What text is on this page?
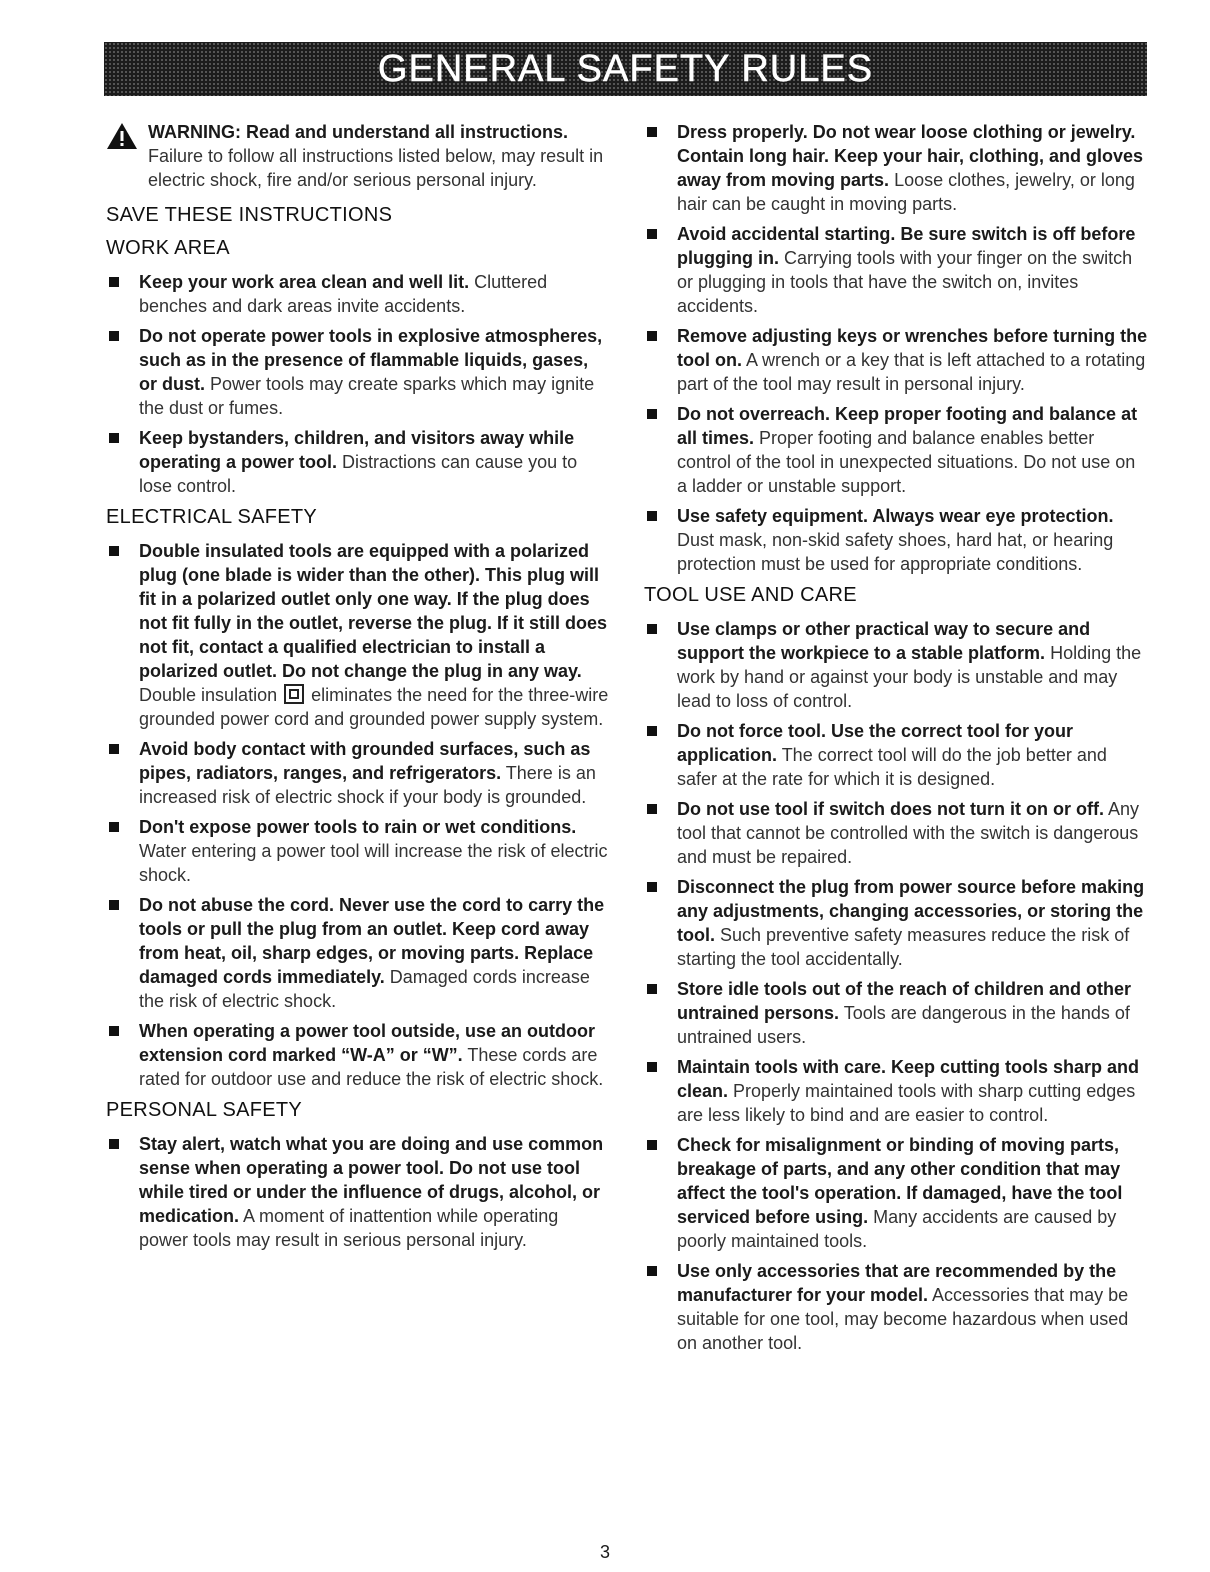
GENERAL SAFETY RULES
WARNING: Read and understand all instructions. Failure to follow all instructions listed below, may result in electric shock, fire and/or serious personal injury.
SAVE THESE INSTRUCTIONS
WORK AREA
Keep your work area clean and well lit. Cluttered benches and dark areas invite accidents.
Do not operate power tools in explosive atmospheres, such as in the presence of flammable liquids, gases, or dust. Power tools may create sparks which may ignite the dust or fumes.
Keep bystanders, children, and visitors away while operating a power tool. Distractions can cause you to lose control.
ELECTRICAL SAFETY
Double insulated tools are equipped with a polarized plug (one blade is wider than the other). This plug will fit in a polarized outlet only one way. If the plug does not fit fully in the outlet, reverse the plug. If it still does not fit, contact a qualified electrician to install a polarized outlet. Do not change the plug in any way.
Double insulation  eliminates the need for the three-wire grounded power cord and grounded power supply system.
Avoid body contact with grounded surfaces, such as pipes, radiators, ranges, and refrigerators. There is an increased risk of electric shock if your body is grounded.
Don't expose power tools to rain or wet conditions. Water entering a power tool will increase the risk of electric shock.
Do not abuse the cord. Never use the cord to carry the tools or pull the plug from an outlet. Keep cord away from heat, oil, sharp edges, or moving parts. Replace damaged cords immediately. Damaged cords increase the risk of electric shock.
When operating a power tool outside, use an outdoor extension cord marked “W-A” or “W”. These cords are rated for outdoor use and reduce the risk of electric shock.
PERSONAL SAFETY
Stay alert, watch what you are doing and use common sense when operating a power tool. Do not use tool while tired or under the influence of drugs, alcohol, or medication. A moment of inattention while operating power tools may result in serious personal injury.
Dress properly. Do not wear loose clothing or jewelry. Contain long hair. Keep your hair, clothing, and gloves away from moving parts. Loose clothes, jewelry, or long hair can be caught in moving parts.
Avoid accidental starting. Be sure switch is off before plugging in. Carrying tools with your finger on the switch or plugging in tools that have the switch on, invites accidents.
Remove adjusting keys or wrenches before turning the tool on. A wrench or a key that is left attached to a rotating part of the tool may result in personal injury.
Do not overreach. Keep proper footing and balance at all times. Proper footing and balance enables better control of the tool in unexpected situations. Do not use on a ladder or unstable support.
Use safety equipment. Always wear eye protection. Dust mask, non-skid safety shoes, hard hat, or hearing protection must be used for appropriate conditions.
TOOL USE AND CARE
Use clamps or other practical way to secure and support the workpiece to a stable platform. Holding the work by hand or against your body is unstable and may lead to loss of control.
Do not force tool. Use the correct tool for your application. The correct tool will do the job better and safer at the rate for which it is designed.
Do not use tool if switch does not turn it on or off. Any tool that cannot be controlled with the switch is dangerous and must be repaired.
Disconnect the plug from power source before making any adjustments, changing accessories, or storing the tool. Such preventive safety measures reduce the risk of starting the tool accidentally.
Store idle tools out of the reach of children and other untrained persons. Tools are dangerous in the hands of untrained users.
Maintain tools with care. Keep cutting tools sharp and clean. Properly maintained tools with sharp cutting edges are less likely to bind and are easier to control.
Check for misalignment or binding of moving parts, breakage of parts, and any other condition that may affect the tool's operation. If damaged, have the tool serviced before using. Many accidents are caused by poorly maintained tools.
Use only accessories that are recommended by the manufacturer for your model. Accessories that may be suitable for one tool, may become hazardous when used on another tool.
3
